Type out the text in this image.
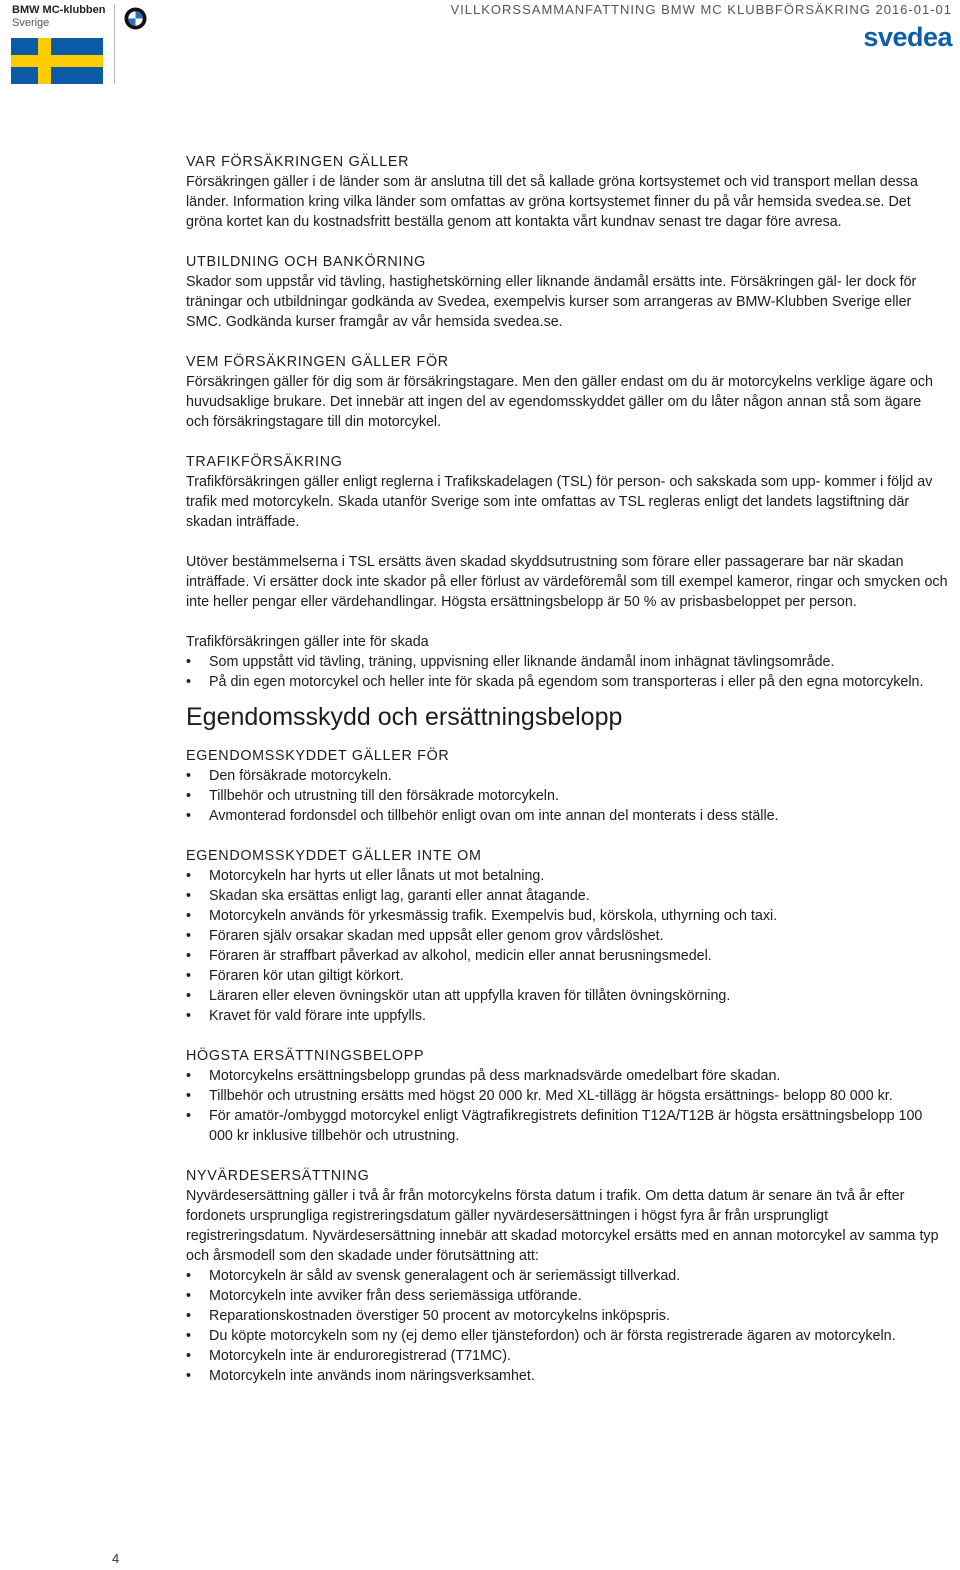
BMW MC-klubben
Sverige
VILLKORSSAMMANFATTNING BMW MC KLUBBFÖRSÄKRING 2016-01-01
svedea
VAR FÖRSÄKRINGEN GÄLLER

Försäkringen gäller i de länder som är anslutna till det så kallade gröna kortsystemet och vid transport mellan dessa länder. Information kring vilka länder som omfattas av gröna kortsystemet finner du på vår hemsida svedea.se. Det gröna kortet kan du kostnadsfritt beställa genom att kontakta vårt kundnav senast tre dagar före avresa.

UTBILDNING OCH BANKÖRNING

Skador som uppstår vid tävling, hastighetskörning eller liknande ändamål ersätts inte. Försäkringen gäl- ler dock för träningar och utbildningar godkända av Svedea, exempelvis kurser som arrangeras av BMW-Klubben Sverige eller SMC. Godkända kurser framgår av vår hemsida svedea.se.

VEM FÖRSÄKRINGEN GÄLLER FÖR

Försäkringen gäller för dig som är försäkringstagare. Men den gäller endast om du är motorcykelns verklige ägare och huvudsaklige brukare. Det innebär att ingen del av egendomsskyddet gäller om du låter någon annan stå som ägare och försäkringstagare till din motorcykel.

TRAFIKFÖRSÄKRING

Trafikförsäkringen gäller enligt reglerna i Trafikskadelagen (TSL) för person- och sakskada som upp- kommer i följd av trafik med motorcykeln. Skada utanför Sverige som inte omfattas av TSL regleras enligt det landets lagstiftning där skadan inträffade.

Utöver bestämmelserna i TSL ersätts även skadad skyddsutrustning som förare eller passagerare bar när skadan inträffade. Vi ersätter dock inte skador på eller förlust av värdeföremål som till exempel kameror, ringar och smycken och inte heller pengar eller värdehandlingar. Högsta ersättningsbelopp är 50 % av prisbasbeloppet per person.

Trafikförsäkringen gäller inte för skada

• Som uppstått vid tävling, träning, uppvisning eller liknande ändamål inom inhägnat tävlingsområde.
• På din egen motorcykel och heller inte för skada på egendom som transporteras i eller på den egna motorcykeln.
Egendomsskydd och ersättningsbelopp
EGENDOMSSKYDDET GÄLLER FÖR
• Den försäkrade motorcykeln.
• Tillbehör och utrustning till den försäkrade motorcykeln.
• Avmonterad fordonsdel och tillbehör enligt ovan om inte annan del monterats i dess ställe.
EGENDOMSSKYDDET GÄLLER INTE OM
• Motorcykeln har hyrts ut eller lånats ut mot betalning.
• Skadan ska ersättas enligt lag, garanti eller annat åtagande.
• Motorcykeln används för yrkesmässig trafik. Exempelvis bud, körskola, uthyrning och taxi.
• Föraren själv orsakar skadan med uppsåt eller genom grov vårdslöshet.
• Föraren är straffbart påverkad av alkohol, medicin eller annat berusningsmedel.
• Föraren kör utan giltigt körkort.
• Läraren eller eleven övningskör utan att uppfylla kraven för tillåten övningskörning.
• Kravet för vald förare inte uppfylls.
HÖGSTA ERSÄTTNINGSBELOPP
• Motorcykelns ersättningsbelopp grundas på dess marknadsvärde omedelbart före skadan.
• Tillbehör och utrustning ersätts med högst 20 000 kr. Med XL-tillägg är högsta ersättnings- belopp 80 000 kr.
• För amatör-/ombyggd motorcykel enligt Vägtrafikregistrets definition T12A/T12B är högsta ersättningsbelopp 100 000 kr inklusive tillbehör och utrustning.
NYVÄRDESERSÄTTNING

Nyvärdesersättning gäller i två år från motorcykelns första datum i trafik. Om detta datum är senare än två år efter fordonets ursprungliga registreringsdatum gäller nyvärdesersättningen i högst fyra år från ursprungligt registreringsdatum. Nyvärdesersättning innebär att skadad motorcykel ersätts med en annan motorcykel av samma typ och årsmodell som den skadade under förutsättning att:

• Motorcykeln är såld av svensk generalagent och är seriemässigt tillverkad.
• Motorcykeln inte avviker från dess seriemässiga utförande.
• Reparationskostnaden överstiger 50 procent av motorcykelns inköpspris.
• Du köpte motorcykeln som ny (ej demo eller tjänstefordon) och är första registrerade ägaren av motorcykeln.
• Motorcykeln inte är enduroregistrerad (T71MC).
• Motorcykeln inte används inom näringsverksamhet.
4
